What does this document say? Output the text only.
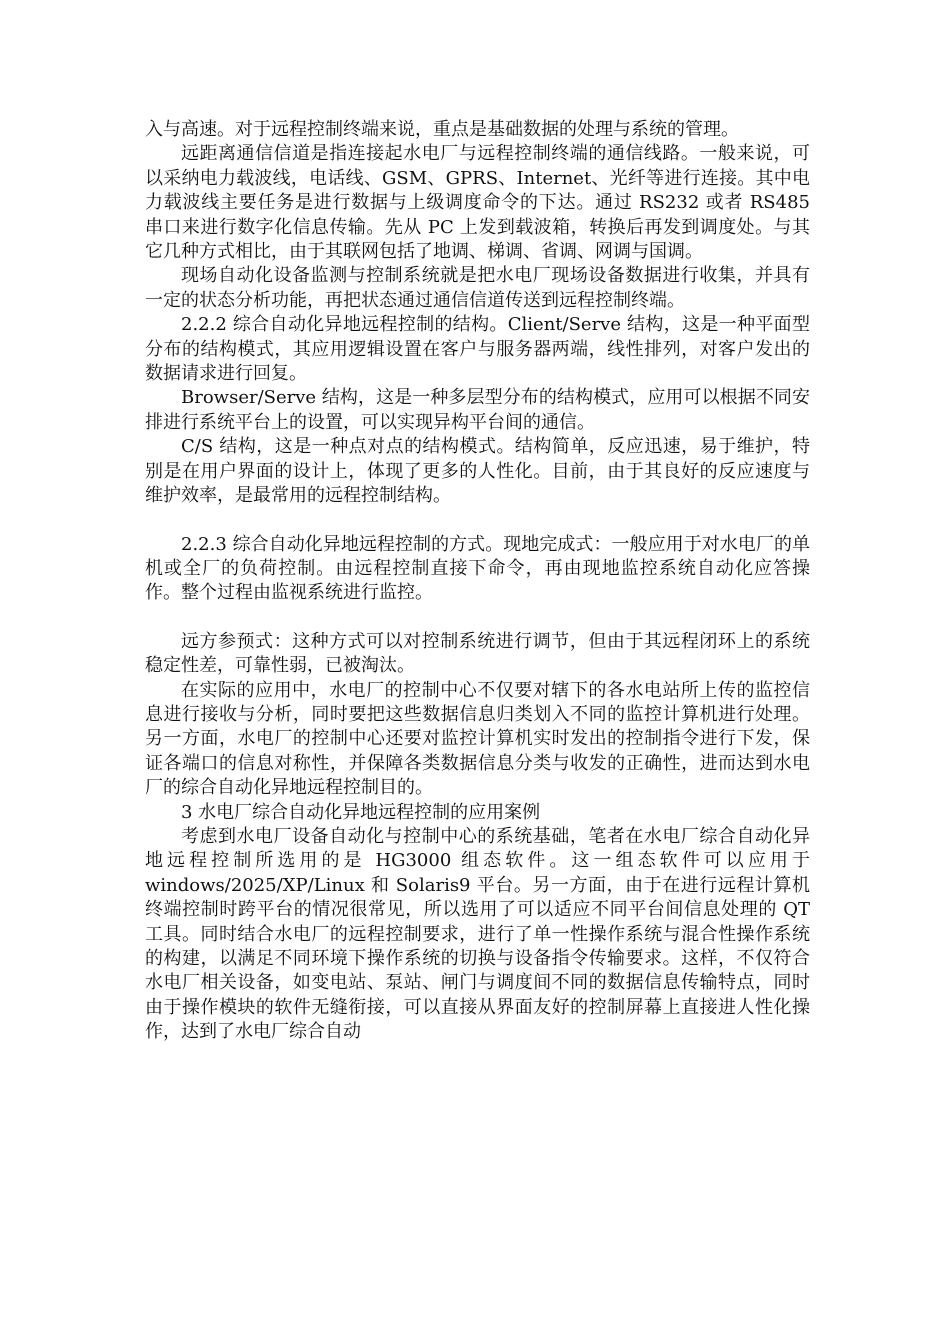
入与高速。对于远程控制终端来说，重点是基础数据的处理与系统的管理。

远距离通信信道是指连接起水电厂与远程控制终端的通信线路。一般来说，可以采纳电力载波线，电话线、GSM、GPRS、Internet、光纤等进行连接。其中电力载波线主要任务是进行数据与上级调度命令的下达。通过 RS232 或者 RS485 串口来进行数字化信息传输。先从 PC 上发到载波箱，转换后再发到调度处。与其它几种方式相比，由于其联网包括了地调、梯调、省调、网调与国调。

现场自动化设备监测与控制系统就是把水电厂现场设备数据进行收集，并具有一定的状态分析功能，再把状态通过通信信道传送到远程控制终端。

2.2.2 综合自动化异地远程控制的结构。Client/Serve 结构，这是一种平面型分布的结构模式，其应用逻辑设置在客户与服务器两端，线性排列，对客户发出的数据请求进行回复。

Browser/Serve 结构，这是一种多层型分布的结构模式，应用可以根据不同安排进行系统平台上的设置，可以实现异构平台间的通信。

C/S 结构，这是一种点对点的结构模式。结构简单，反应迅速，易于维护，特别是在用户界面的设计上，体现了更多的人性化。目前，由于其良好的反应速度与维护效率，是最常用的远程控制结构。

2.2.3 综合自动化异地远程控制的方式。现地完成式：一般应用于对水电厂的单机或全厂的负荷控制。由远程控制直接下命令，再由现地监控系统自动化应答操作。整个过程由监视系统进行监控。

远方参预式：这种方式可以对控制系统进行调节，但由于其远程闭环上的系统稳定性差，可靠性弱，已被淘汰。

在实际的应用中，水电厂的控制中心不仅要对辖下的各水电站所上传的监控信息进行接收与分析，同时要把这些数据信息归类划入不同的监控计算机进行处理。另一方面，水电厂的控制中心还要对监控计算机实时发出的控制指令进行下发，保证各端口的信息对称性，并保障各类数据信息分类与收发的正确性，进而达到水电厂的综合自动化异地远程控制目的。

3 水电厂综合自动化异地远程控制的应用案例

考虑到水电厂设备自动化与控制中心的系统基础，笔者在水电厂综合自动化异地远程控制所选用的是 HG3000 组态软件。这一组态软件可以应用于 windows/2025/XP/Linux 和 Solaris9 平台。另一方面，由于在进行远程计算机终端控制时跨平台的情况很常见，所以选用了可以适应不同平台间信息处理的 QT 工具。同时结合水电厂的远程控制要求，进行了单一性操作系统与混合性操作系统的构建，以满足不同环境下操作系统的切换与设备指令传输要求。这样，不仅符合水电厂相关设备，如变电站、泵站、闸门与调度间不同的数据信息传输特点，同时由于操作模块的软件无缝衔接，可以直接从界面友好的控制屏幕上直接进人性化操作，达到了水电厂综合自动
